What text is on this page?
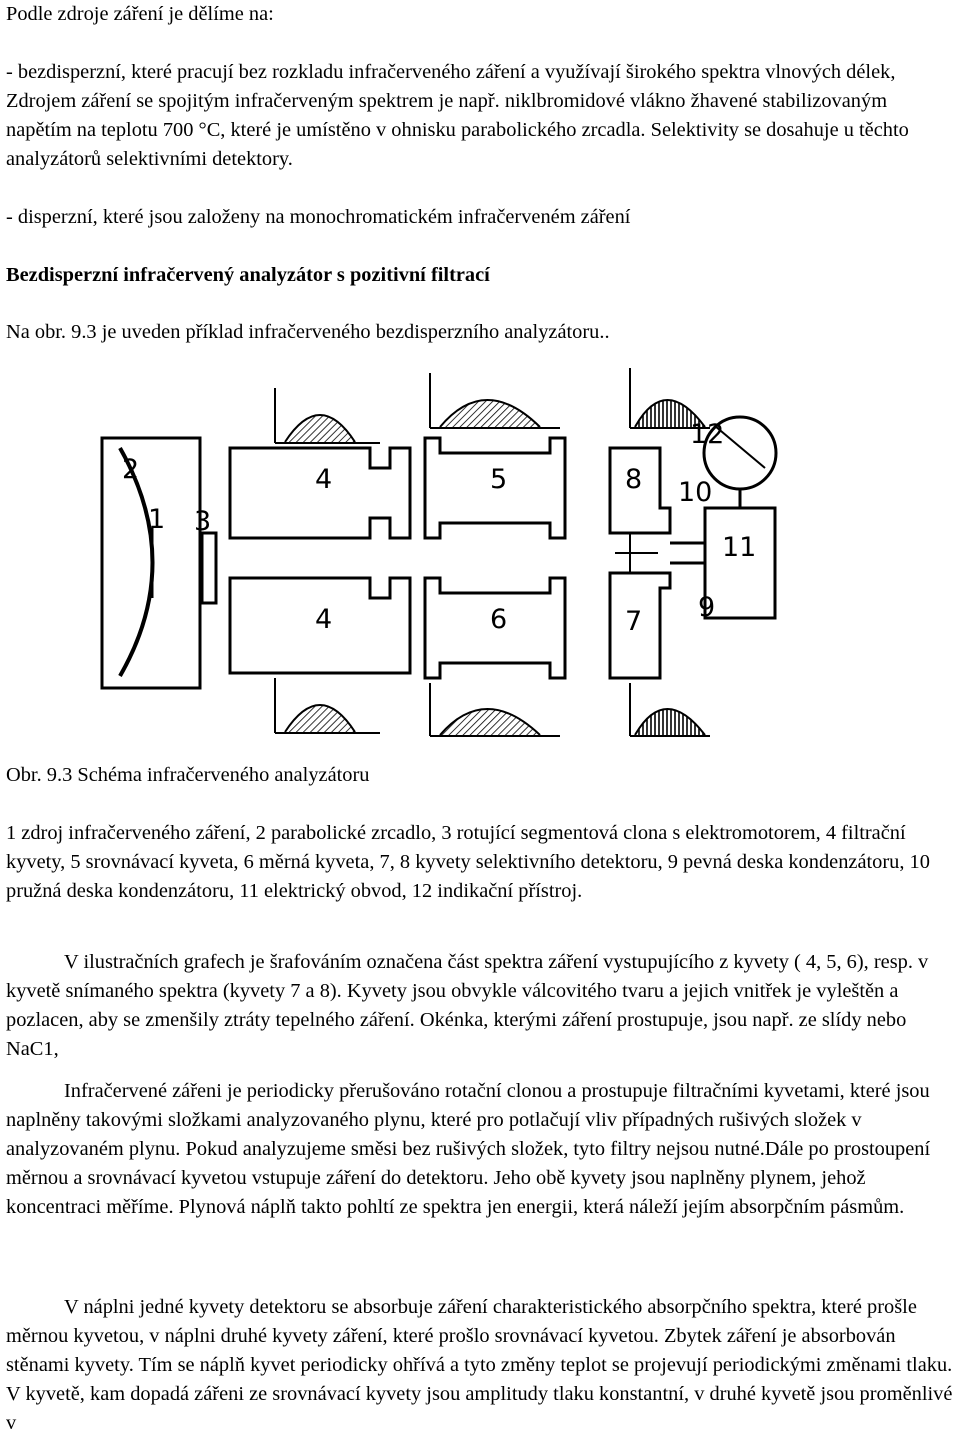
Podle zdroje záření je dělíme na:

- bezdisperzní, které pracují bez rozkladu infračerveného záření a využívají širokého spektra vlnových délek, Zdrojem záření se spojitým infračerveným spektrem je např. niklbromidové vlákno žhavené stabilizovaným napětím na teplotu 700 °C, které je umístěno v ohnisku parabolického zrcadla. Selektivity se dosahuje u těchto analyzátorů selektivními detektory.

- disperzní, které jsou založeny na monochromatickém infračerveném záření

Bezdisperzní infračervený analyzátor s pozitivní filtrací

Na obr. 9.3 je uveden příklad infračerveného bezdisperzního analyzátoru..

2
1 3
4
4
5
6
8
7
10
11
9
12

Obr. 9.3 Schéma infračerveného analyzátoru

1 zdroj infračerveného záření, 2 parabolické zrcadlo, 3 rotující segmentová clona s elektromotorem, 4 filtrační kyvety, 5 srovnávací kyveta, 6 měrná kyveta, 7, 8 kyvety selektivního detektoru, 9 pevná deska kondenzátoru, 10 pružná deska kondenzátoru, 11 elektrický obvod, 12 indikační přístroj.

V ilustračních grafech je šrafováním označena část spektra záření vystupujícího z kyvety ( 4, 5, 6), resp. v kyvetě snímaného spektra (kyvety 7 a 8). Kyvety jsou obvykle válcovitého tvaru a jejich vnitřek je vyleštěn a pozlacen, aby se zmenšily ztráty tepelného záření. Okénka, kterými záření prostupuje, jsou např. ze slídy nebo NaC1,

Infračervené zářeni je periodicky přerušováno rotační clonou a prostupuje filtračními kyvetami, které jsou naplněny takovými složkami analyzovaného plynu, které pro potlačují vliv případných rušivých složek v analyzovaném plynu. Pokud analyzujeme směsi bez rušivých složek, tyto filtry nejsou nutné.Dále po prostoupení měrnou a srovnávací kyvetou vstupuje záření do detektoru. Jeho obě kyvety jsou naplněny plynem, jehož koncentraci měříme. Plynová náplň takto pohltí ze spektra jen energii, která náleží jejím absorpčním pásmům.

V náplni jedné kyvety detektoru se absorbuje záření charakteristického absorpčního spektra, které prošle měrnou kyvetou, v náplni druhé kyvety záření, které prošlo srovnávací kyvetou. Zbytek záření je absorbován stěnami kyvety. Tím se náplň kyvet periodicky ohřívá a tyto změny teplot se projevují periodickými změnami tlaku. V kyvetě, kam dopadá zářeni ze srovnávací kyvety jsou amplitudy tlaku konstantní, v druhé kyvetě jsou proměnlivé v
